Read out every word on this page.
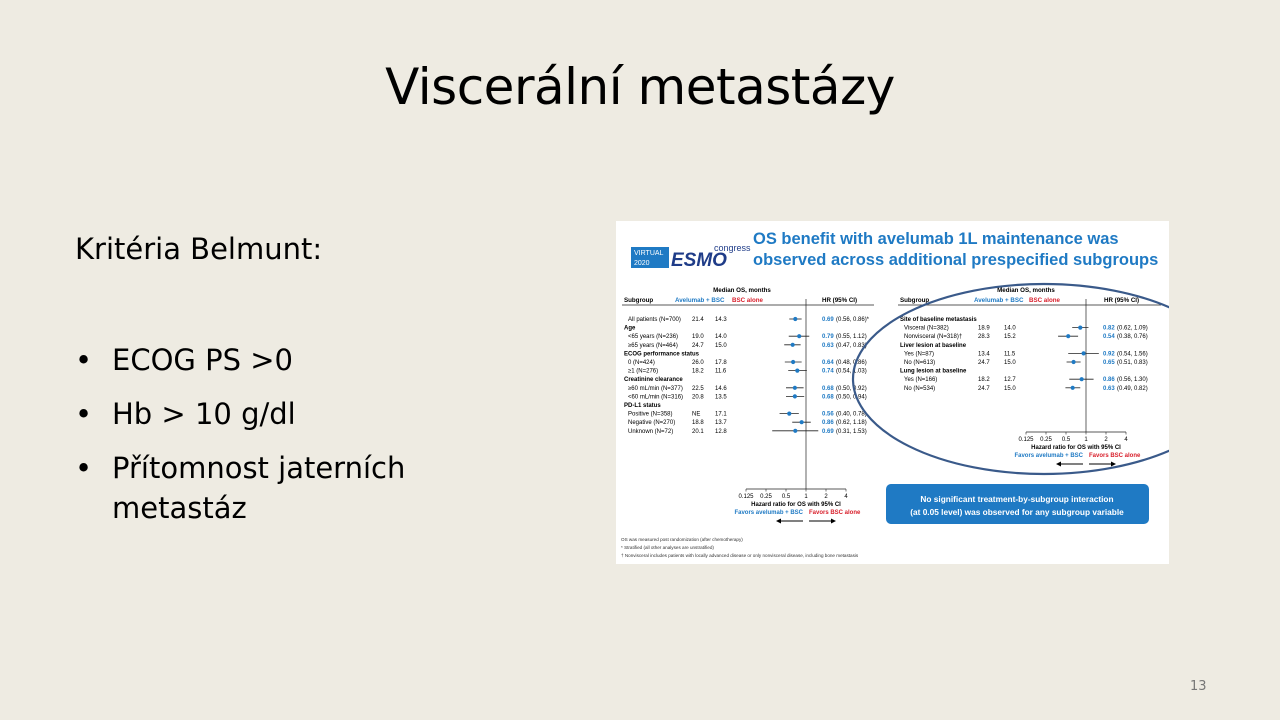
Viscerální metastázy
Kritéria Belmunt:
• ECOG PS >0
• Hb > 10 g/dl
• Přítomnost jaterních metastáz
VIRTUAL
2020 ESMO
congress OS benefit with avelumab 1L maintenance was
observed across additional prespecified subgroups
Median OS, months
Subgroup	Avelumab + BSC BSC alone	HR (95% CI)
Median OS, months
Subgroup	Avelumab + BSC BSC alone	HR (95% CI)
All patients (N=700) 21.4 14.3	0.69 (0.56, 0.86)*
Age
<65 years (N=236) 19.0 14.0	0.79 (0.55, 1.12)
≥65 years (N=464) 24.7 15.0	0.63 (0.47, 0.83)
ECOG performance status
0 (N=424)	26.0 17.8	0.64 (0.48, 0.86)
≥1 (N=276)	18.2 11.6	0.74 (0.54, 1.03)
Creatinine clearance
≥60 mL/min (N=377) 22.5 14.6	0.68 (0.50, 0.92)
<60 mL/min (N=316) 20.8 13.5	0.68 (0.50, 0.94)
PD-L1 status
Positive (N=358)	NE 17.1	0.56 (0.40, 0.78)
Negative (N=270)	18.8 13.7	0.86 (0.62, 1.18)
Unknown (N=72)	20.1 12.8	0.69 (0.31, 1.53)
0.125 0.25 0.5 1	2	4
Hazard ratio for OS with 95% CI
Favors avelumab + BSC Favors BSC alone
Site of baseline metastasis
Visceral (N=382)	18.9 14.0	0.82 (0.62, 1.09)
Nonvisceral (N=318)†	28.3 15.2	0.54 (0.38, 0.76)
Liver lesion at baseline
Yes (N=87)	13.4 11.5	0.92 (0.54, 1.56)
No (N=613)	24.7 15.0	0.65 (0.51, 0.83)
Lung lesion at baseline
Yes (N=166)	18.2 12.7	0.86 (0.56, 1.30)
No (N=534)	24.7 15.0	0.63 (0.49, 0.82)
0.125 0.25 0.5 1	2	4
Hazard ratio for OS with 95% CI
Favors avelumab + BSC Favors BSC alone
No significant treatment-by-subgroup interaction
(at 0.05 level) was observed for any subgroup variable
OS was measured post randomization (after chemotherapy)
* Stratified (all other analyses are unstratified)
† Nonvisceral includes patients with locally advanced disease or only nonvisceral disease, including bone metastasis
13
